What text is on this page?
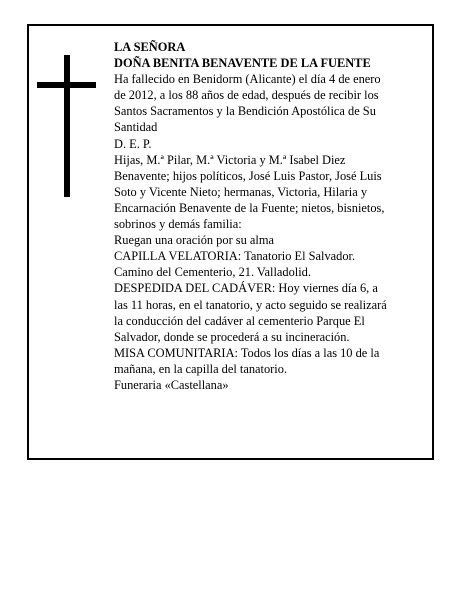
LA SEÑORA
DOÑA BENITA BENAVENTE DE LA FUENTE
Ha fallecido en Benidorm (Alicante) el día 4 de enero
de 2012, a los 88 años de edad, después de recibir los
Santos Sacramentos y la Bendición Apostólica de Su
Santidad
D. E. P.
Hijas, M.ª Pilar, M.ª Victoria y M.ª Isabel Diez
Benavente; hijos políticos, José Luis Pastor, José Luis
Soto y Vicente Nieto; hermanas, Victoria, Hilaria y
Encarnación Benavente de la Fuente; nietos, bisnietos,
sobrinos y demás familia:
Ruegan una oración por su alma
CAPILLA VELATORIA: Tanatorio El Salvador.
Camino del Cementerio, 21. Valladolid.
DESPEDIDA DEL CADÁVER: Hoy viernes día 6, a
las 11 horas, en el tanatorio, y acto seguido se realizará
la conducción del cadáver al cementerio Parque El
Salvador, donde se procederá a su incineración.
MISA COMUNITARIA: Todos los días a las 10 de la
mañana, en la capilla del tanatorio.
Funeraria «Castellana»
